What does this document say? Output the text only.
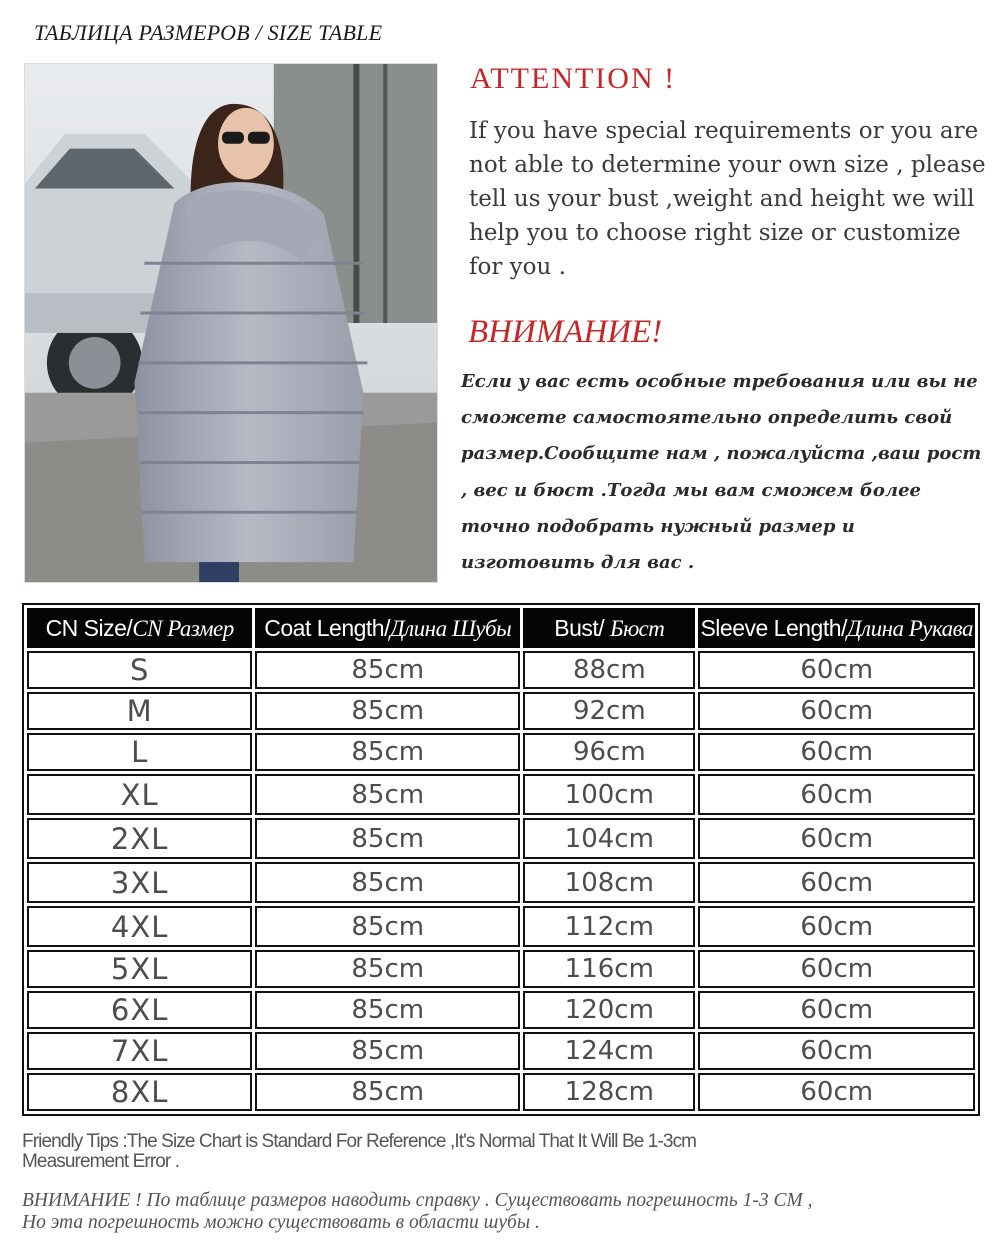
ТАБЛИЦА РАЗМЕРОВ / SIZE TABLE
ATTENTION !
If you have special requirements or you are not able to determine your own size , please tell us your bust ,weight and height we will help you to choose right size or customize for you .
ВНИМАНИЕ!
Если у вас есть особные требования или вы не сможете самостоятельно определить свой размер.Сообщите нам , пожалуйста ,ваш рост , вес и бюст .Тогда мы вам сможем более точно подобрать нужный размер и изготовить для вас .
CN Size/CN Размер	Coat Length/Длина Шубы	Bust/ Бюст	Sleeve Length/Длина Рукава
S	85cm	88cm	60cm
M	85cm	92cm	60cm
L	85cm	96cm	60cm
XL	85cm	100cm	60cm
2XL	85cm	104cm	60cm
3XL	85cm	108cm	60cm
4XL	85cm	112cm	60cm
5XL	85cm	116cm	60cm
6XL	85cm	120cm	60cm
7XL	85cm	124cm	60cm
8XL	85cm	128cm	60cm
Friendly Tips :The Size Chart is Standard For Reference ,It's Normal That It Will Be 1-3cm
Measurement Error .
ВНИМАНИЕ ! По таблице размеров наводить справку . Существовать погрешность 1-3 CM ,
Но эта погрешность можно существовать в области шубы .
